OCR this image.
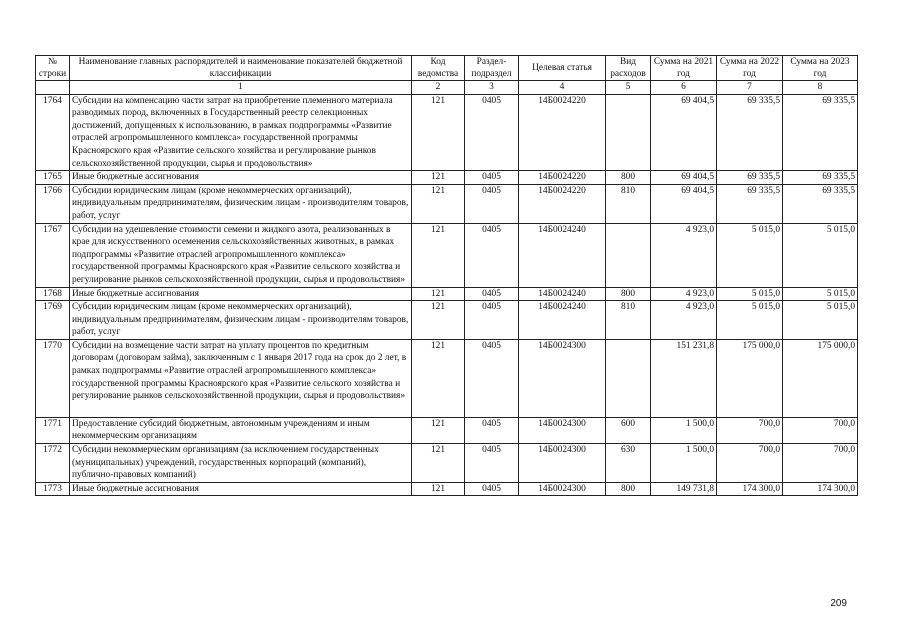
№ строки	Наименование главных распорядителей и наименование показателей бюджетной классификации	Код ведомства	Раздел-подраздел	Целевая статья	Вид расходов	Сумма на 2021 год	Сумма на 2022 год	Сумма на 2023 год
	1	2	3	4	5	6	7	8
1764	Субсидии на компенсацию части затрат на приобретение племенного материала разводимых пород, включенных в Государственный реестр селекционных достижений, допущенных к использованию, в рамках подпрограммы «Развитие отраслей агропромышленного комплекса» государственной программы Красноярского края «Развитие сельского хозяйства и регулирование рынков сельскохозяйственной продукции, сырья и продовольствия»	121	0405	14Б0024220		69 404,5	69 335,5	69 335,5
1765	Иные бюджетные ассигнования	121	0405	14Б0024220	800	69 404,5	69 335,5	69 335,5
1766	Субсидии юридическим лицам (кроме некоммерческих организаций), индивидуальным предпринимателям, физическим лицам - производителям товаров, работ, услуг	121	0405	14Б0024220	810	69 404,5	69 335,5	69 335,5
1767	Субсидии на удешевление стоимости семени и жидкого азота, реализованных в крае для искусственного осеменения сельскохозяйственных животных, в рамках подпрограммы «Развитие отраслей агропромышленного комплекса» государственной программы Красноярского края «Развитие сельского хозяйства и регулирование рынков сельскохозяйственной продукции, сырья и продовольствия»	121	0405	14Б0024240		4 923,0	5 015,0	5 015,0
1768	Иные бюджетные ассигнования	121	0405	14Б0024240	800	4 923,0	5 015,0	5 015,0
1769	Субсидии юридическим лицам (кроме некоммерческих организаций), индивидуальным предпринимателям, физическим лицам - производителям товаров, работ, услуг	121	0405	14Б0024240	810	4 923,0	5 015,0	5 015,0
1770	Субсидии на возмещение части затрат на уплату процентов по кредитным договорам (договорам займа), заключенным с 1 января 2017 года на срок до 2 лет, в рамках подпрограммы «Развитие отраслей агропромышленного комплекса» государственной программы Красноярского края «Развитие сельского хозяйства и регулирование рынков сельскохозяйственной продукции, сырья и продовольствия»	121	0405	14Б0024300		151 231,8	175 000,0	175 000,0
1771	Предоставление субсидий бюджетным, автономным учреждениям и иным некоммерческим организациям	121	0405	14Б0024300	600	1 500,0	700,0	700,0
1772	Субсидии некоммерческим организациям (за исключением государственных (муниципальных) учреждений, государственных корпораций (компаний), публично-правовых компаний)	121	0405	14Б0024300	630	1 500,0	700,0	700,0
1773	Иные бюджетные ассигнования	121	0405	14Б0024300	800	149 731,8	174 300,0	174 300,0
209
